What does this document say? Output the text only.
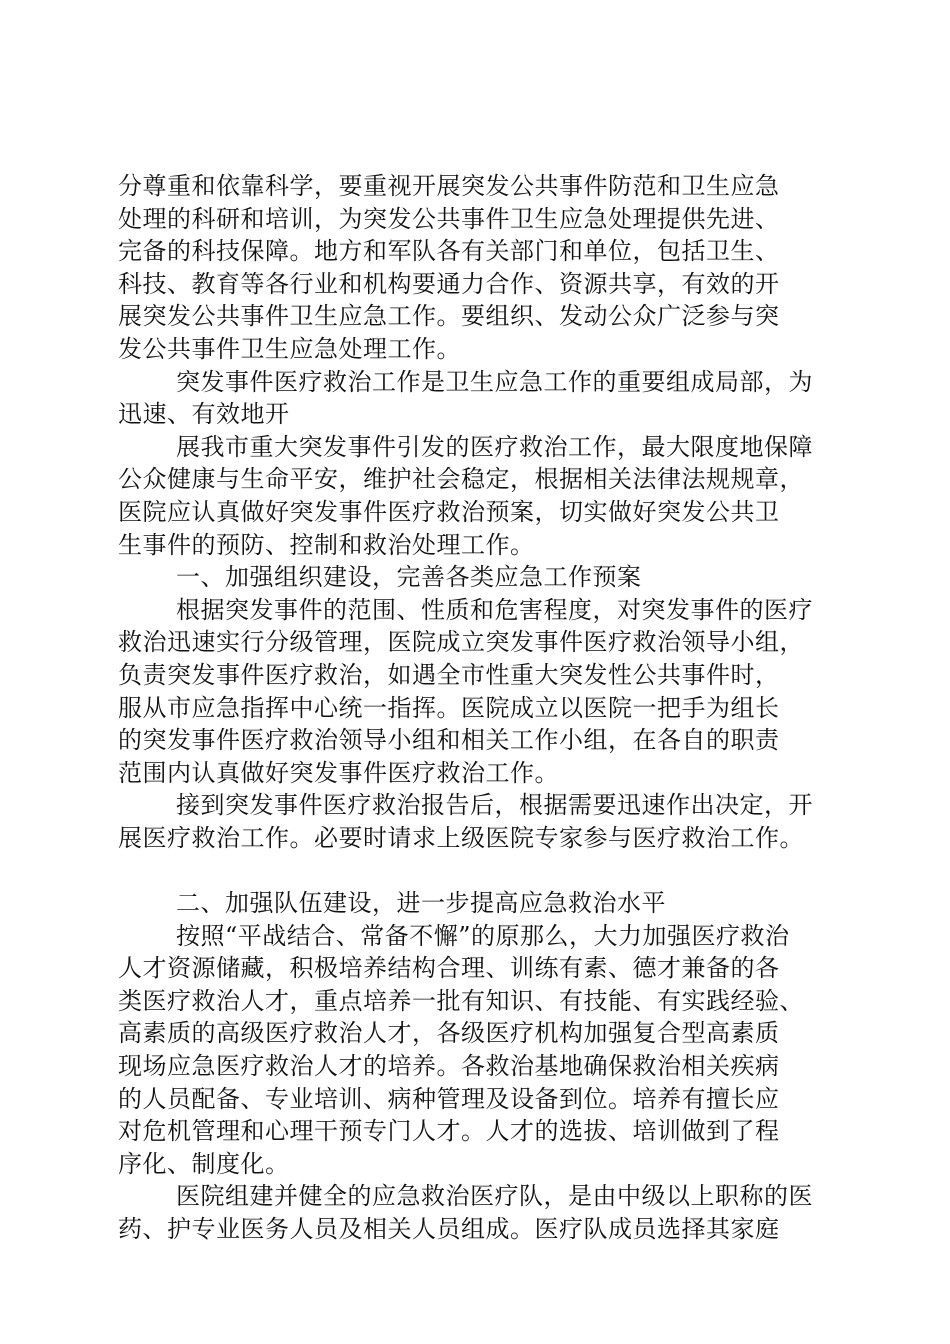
分尊重和依靠科学，要重视开展突发公共事件防范和卫生应急
处理的科研和培训，为突发公共事件卫生应急处理提供先进、
完备的科技保障。地方和军队各有关部门和单位，包括卫生、
科技、教育等各行业和机构要通力合作、资源共享，有效的开
展突发公共事件卫生应急工作。要组织、发动公众广泛参与突
发公共事件卫生应急处理工作。
突发事件医疗救治工作是卫生应急工作的重要组成局部，为
迅速、有效地开
展我市重大突发事件引发的医疗救治工作，最大限度地保障
公众健康与生命平安，维护社会稳定，根据相关法律法规规章，
医院应认真做好突发事件医疗救治预案，切实做好突发公共卫
生事件的预防、控制和救治处理工作。
一、加强组织建设，完善各类应急工作预案
根据突发事件的范围、性质和危害程度，对突发事件的医疗
救治迅速实行分级管理，医院成立突发事件医疗救治领导小组，
负责突发事件医疗救治，如遇全市性重大突发性公共事件时，
服从市应急指挥中心统一指挥。医院成立以医院一把手为组长
的突发事件医疗救治领导小组和相关工作小组，在各自的职责
范围内认真做好突发事件医疗救治工作。
接到突发事件医疗救治报告后，根据需要迅速作出决定，开
展医疗救治工作。必要时请求上级医院专家参与医疗救治工作。
二、加强队伍建设，进一步提高应急救治水平
按照“平战结合、常备不懈”的原那么，大力加强医疗救治
人才资源储藏，积极培养结构合理、训练有素、德才兼备的各
类医疗救治人才，重点培养一批有知识、有技能、有实践经验、
高素质的高级医疗救治人才，各级医疗机构加强复合型高素质
现场应急医疗救治人才的培养。各救治基地确保救治相关疾病
的人员配备、专业培训、病种管理及设备到位。培养有擅长应
对危机管理和心理干预专门人才。人才的选拔、培训做到了程
序化、制度化。
医院组建并健全的应急救治医疗队，是由中级以上职称的医
药、护专业医务人员及相关人员组成。医疗队成员选择其家庭
